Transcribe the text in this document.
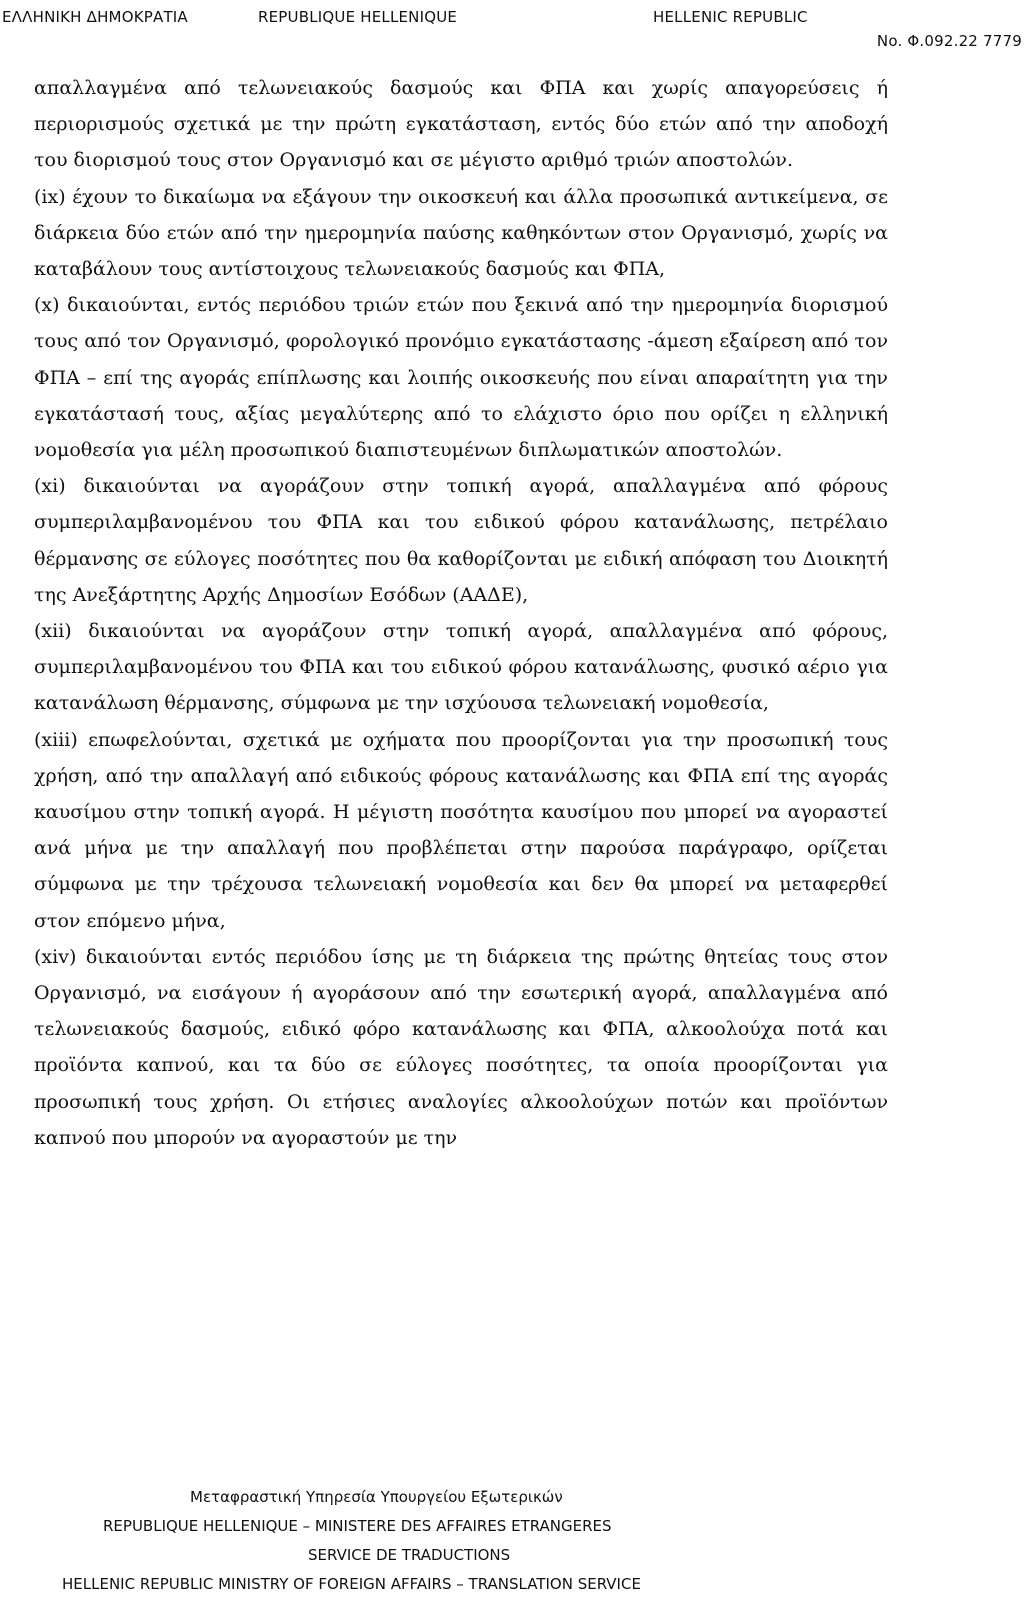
ΕΛΛΗΝΙΚΗ ΔΗΜΟΚΡΑΤΙΑ	REPUBLIQUE HELLENIQUE	HELLENIC REPUBLIC
No. Φ.092.22 7779

απαλλαγμένα από τελωνειακούς δασμούς και ΦΠΑ και χωρίς απαγορεύσεις ή περιορισμούς σχετικά με την πρώτη εγκατάσταση, εντός δύο ετών από την αποδοχή του διορισμού τους στον Οργανισμό και σε μέγιστο αριθμό τριών αποστολών.

(ix) έχουν το δικαίωμα να εξάγουν την οικοσκευή και άλλα προσωπικά αντικείμενα, σε διάρκεια δύο ετών από την ημερομηνία παύσης καθηκόντων στον Οργανισμό, χωρίς να καταβάλουν τους αντίστοιχους τελωνειακούς δασμούς και ΦΠΑ,

(x) δικαιούνται, εντός περιόδου τριών ετών που ξεκινά από την ημερομηνία διορισμού τους από τον Οργανισμό, φορολογικό προνόμιο εγκατάστασης -άμεση εξαίρεση από τον ΦΠΑ – επί της αγοράς επίπλωσης και λοιπής οικοσκευής που είναι απαραίτητη για την εγκατάστασή τους, αξίας μεγαλύτερης από το ελάχιστο όριο που ορίζει η ελληνική νομοθεσία για μέλη προσωπικού διαπιστευμένων διπλωματικών αποστολών.

(xi) δικαιούνται να αγοράζουν στην τοπική αγορά, απαλλαγμένα από φόρους συμπεριλαμβανομένου του ΦΠΑ και του ειδικού φόρου κατανάλωσης, πετρέλαιο θέρμανσης σε εύλογες ποσότητες που θα καθορίζονται με ειδική απόφαση του Διοικητή της Ανεξάρτητης Αρχής Δημοσίων Εσόδων (ΑΑΔΕ),

(xii) δικαιούνται να αγοράζουν στην τοπική αγορά, απαλλαγμένα από φόρους, συμπεριλαμβανομένου του ΦΠΑ και του ειδικού φόρου κατανάλωσης, φυσικό αέριο για κατανάλωση θέρμανσης, σύμφωνα με την ισχύουσα τελωνειακή νομοθεσία,

(xiii) επωφελούνται, σχετικά με οχήματα που προορίζονται για την προσωπική τους χρήση, από την απαλλαγή από ειδικούς φόρους κατανάλωσης και ΦΠΑ επί της αγοράς καυσίμου στην τοπική αγορά. Η μέγιστη ποσότητα καυσίμου που μπορεί να αγοραστεί ανά μήνα με την απαλλαγή που προβλέπεται στην παρούσα παράγραφο, ορίζεται σύμφωνα με την τρέχουσα τελωνειακή νομοθεσία και δεν θα μπορεί να μεταφερθεί στον επόμενο μήνα,

(xiv) δικαιούνται εντός περιόδου ίσης με τη διάρκεια της πρώτης θητείας τους στον Οργανισμό, να εισάγουν ή αγοράσουν από την εσωτερική αγορά, απαλλαγμένα από τελωνειακούς δασμούς, ειδικό φόρο κατανάλωσης και ΦΠΑ, αλκοολούχα ποτά και προϊόντα καπνού, και τα δύο σε εύλογες ποσότητες, τα οποία προορίζονται για προσωπική τους χρήση. Οι ετήσιες αναλογίες αλκοολούχων ποτών και προϊόντων καπνού που μπορούν να αγοραστούν με την

Μεταφραστική Υπηρεσία Υπουργείου Εξωτερικών
REPUBLIQUE HELLENIQUE – MINISTERE DES AFFAIRES ETRANGERES
SERVICE DE TRADUCTIONS
HELLENIC REPUBLIC MINISTRY OF FOREIGN AFFAIRS – TRANSLATION SERVICE
